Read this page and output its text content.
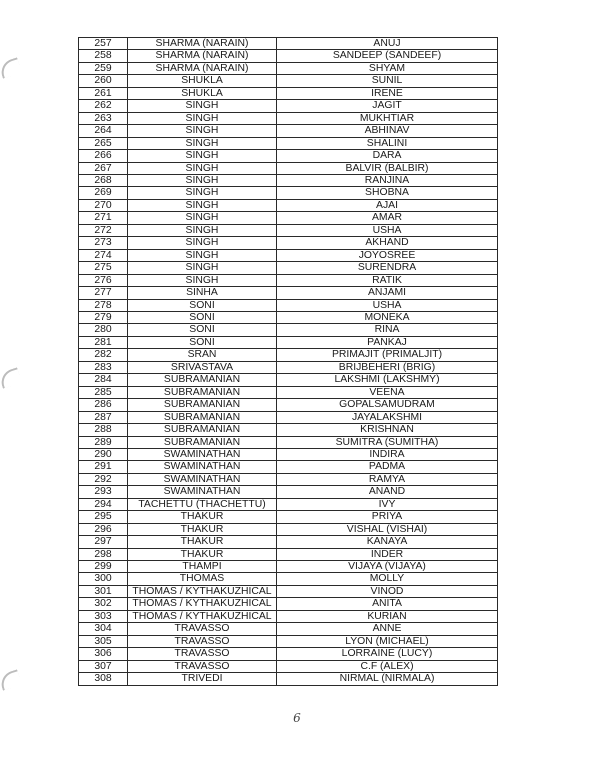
257	SHARMA (NARAIN)	ANUJ
258	SHARMA (NARAIN)	SANDEEP (SANDEEF)
259	SHARMA (NARAIN)	SHYAM
260	SHUKLA	SUNIL
261	SHUKLA	IRENE
262	SINGH	JAGIT
263	SINGH	MUKHTIAR
264	SINGH	ABHINAV
265	SINGH	SHALINI
266	SINGH	DARA
267	SINGH	BALVIR (BALBIR)
268	SINGH	RANJINA
269	SINGH	SHOBNA
270	SINGH	AJAI
271	SINGH	AMAR
272	SINGH	USHA
273	SINGH	AKHAND
274	SINGH	JOYOSREE
275	SINGH	SURENDRA
276	SINGH	RATIK
277	SINHA	ANJAMI
278	SONI	USHA
279	SONI	MONEKA
280	SONI	RINA
281	SONI	PANKAJ
282	SRAN	PRIMAJIT (PRIMALJIT)
283	SRIVASTAVA	BRIJBEHERI (BRIG)
284	SUBRAMANIAN	LAKSHMI (LAKSHMY)
285	SUBRAMANIAN	VEENA
286	SUBRAMANIAN	GOPALSAMUDRAM
287	SUBRAMANIAN	JAYALAKSHMI
288	SUBRAMANIAN	KRISHNAN
289	SUBRAMANIAN	SUMITRA (SUMITHA)
290	SWAMINATHAN	INDIRA
291	SWAMINATHAN	PADMA
292	SWAMINATHAN	RAMYA
293	SWAMINATHAN	ANAND
294	TACHETTU (THACHETTU)	IVY
295	THAKUR	PRIYA
296	THAKUR	VISHAL (VISHAI)
297	THAKUR	KANAYA
298	THAKUR	INDER
299	THAMPI	VIJAYA (VIJAYA)
300	THOMAS	MOLLY
301	THOMAS / KYTHAKUZHICAL	VINOD
302	THOMAS / KYTHAKUZHICAL	ANITA
303	THOMAS / KYTHAKUZHICAL	KURIAN
304	TRAVASSO	ANNE
305	TRAVASSO	LYON (MICHAEL)
306	TRAVASSO	LORRAINE (LUCY)
307	TRAVASSO	C.F (ALEX)
308	TRIVEDI	NIRMAL (NIRMALA)
6
